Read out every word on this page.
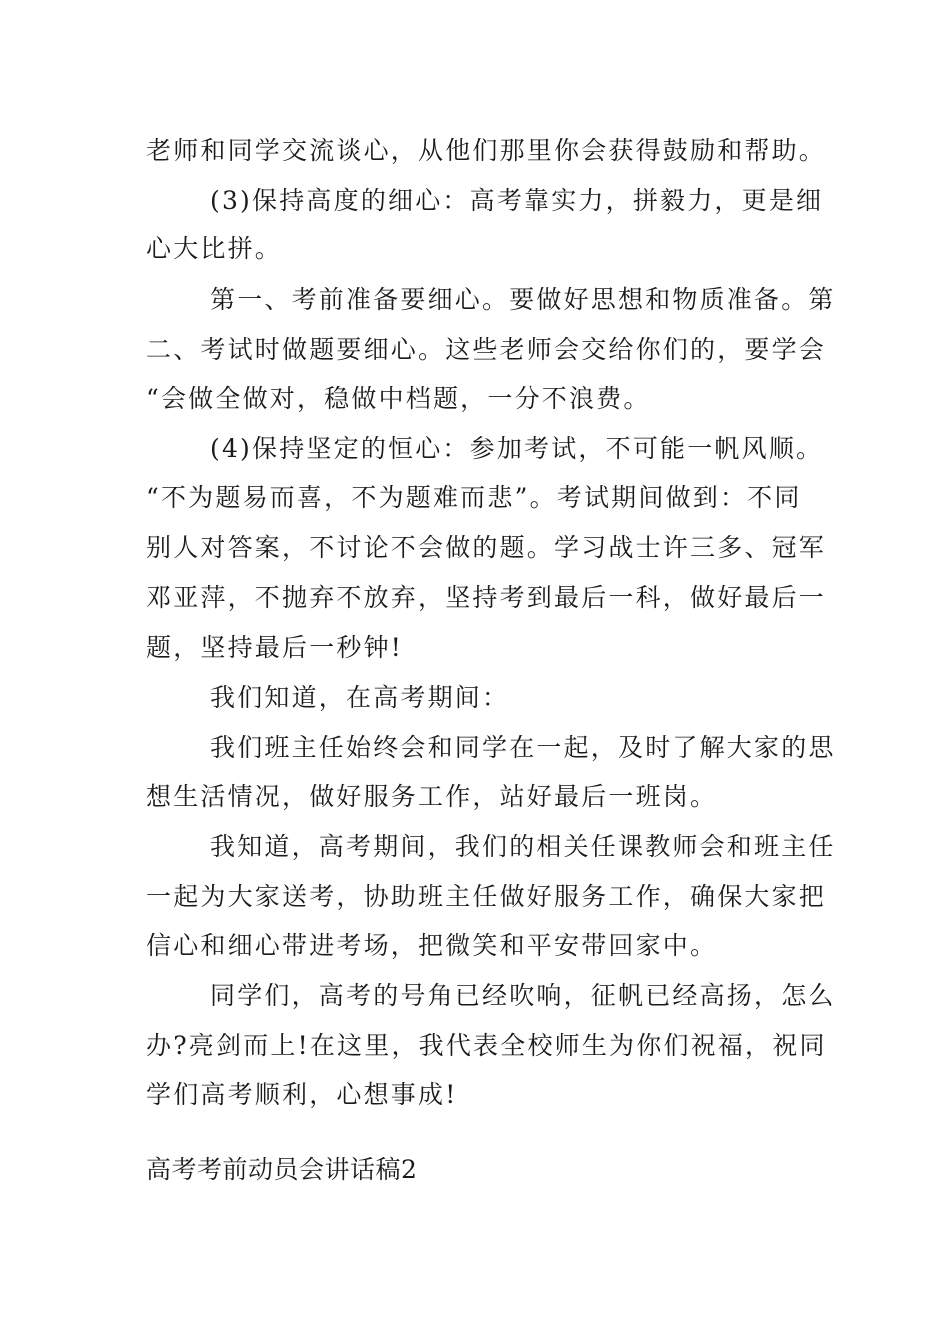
老师和同学交流谈心，从他们那里你会获得鼓励和帮助。
(3)保持高度的细心：高考靠实力，拼毅力，更是细
心大比拼。
第一、考前准备要细心。要做好思想和物质准备。第
二、考试时做题要细心。这些老师会交给你们的，要学会
“会做全做对，稳做中档题，一分不浪费。
(4)保持坚定的恒心：参加考试，不可能一帆风顺。
“不为题易而喜，不为题难而悲”。考试期间做到：不同
别人对答案，不讨论不会做的题。学习战士许三多、冠军
邓亚萍，不抛弃不放弃，坚持考到最后一科，做好最后一
题，坚持最后一秒钟!
我们知道，在高考期间：
我们班主任始终会和同学在一起，及时了解大家的思
想生活情况，做好服务工作，站好最后一班岗。
我知道，高考期间，我们的相关任课教师会和班主任
一起为大家送考，协助班主任做好服务工作，确保大家把
信心和细心带进考场，把微笑和平安带回家中。
同学们，高考的号角已经吹响，征帆已经高扬，怎么
办?亮剑而上!在这里，我代表全校师生为你们祝福，祝同
学们高考顺利，心想事成!
高考考前动员会讲话稿2
